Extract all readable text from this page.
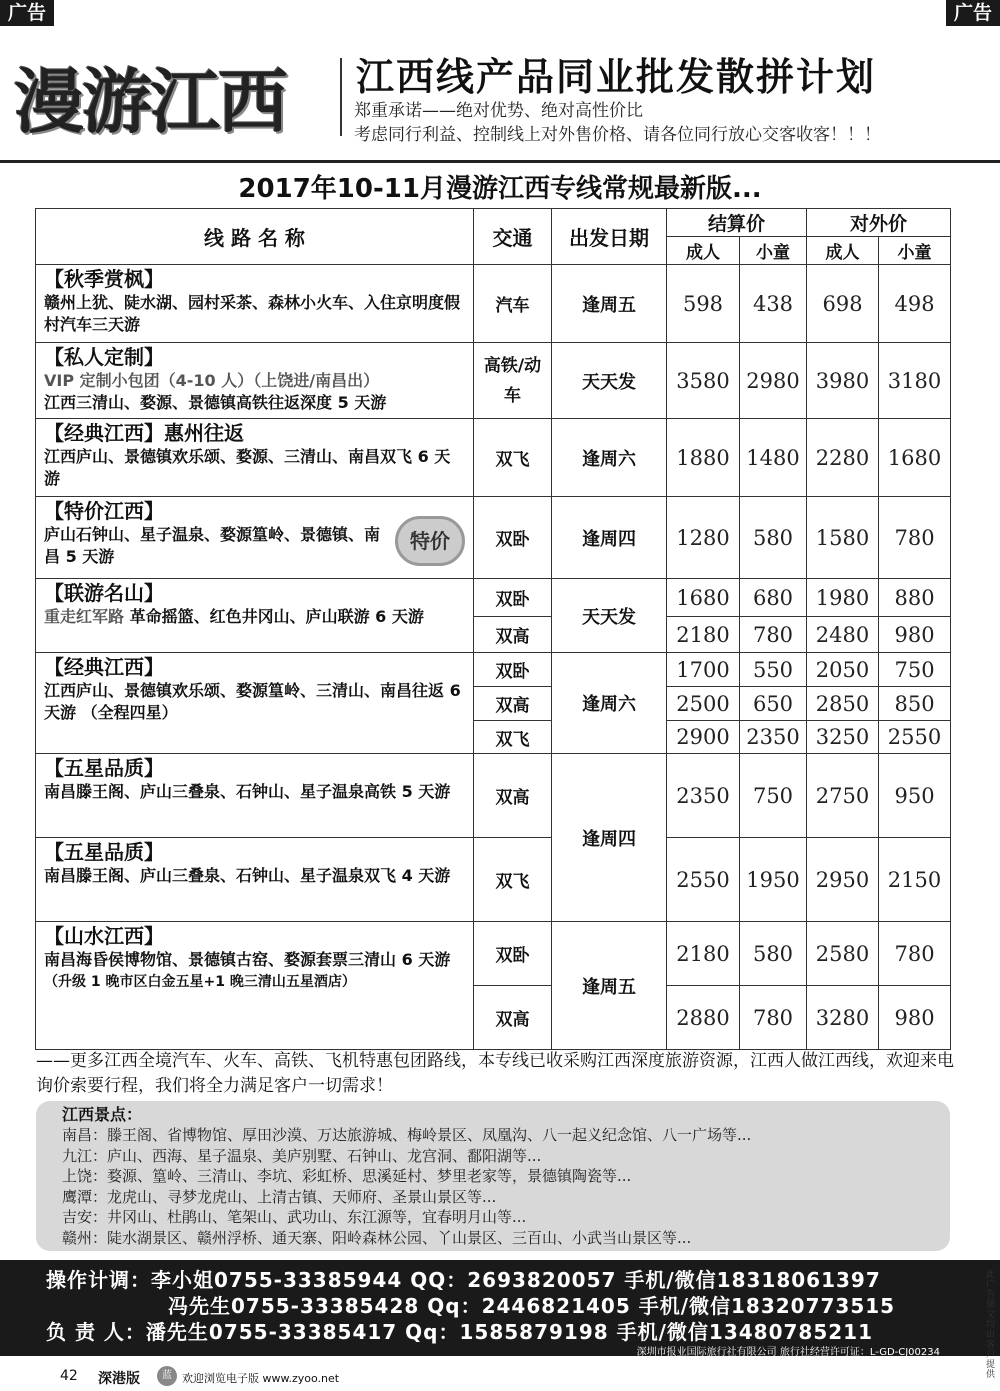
广告	广告
漫游江西 江西线产品同业批发散拼计划
郑重承诺——绝对优势、绝对高性价比
考虑同行利益、控制线上对外售价格、请各位同行放心交客收客！！！
2017年10-11月漫游江西专线常规最新版...
线 路 名 称	交通	出发日期	结算价		对外价	
			成人	小童	成人	小童

【秋季赏枫】
赣州上犹、陡水湖、园村采茶、森林小火车、入住京明度假村汽车三天游	汽车	逢周五	598	438	698	498

【私人定制】
VIP 定制小包团（4-10 人）（上饶进/南昌出）
江西三清山、婺源、景德镇高铁往返深度 5 天游	高铁/动车	天天发	3580	2980	3980	3180

【经典江西】惠州往返
江西庐山、景德镇欢乐颂、婺源、三清山、南昌双飞 6 天游	双飞	逢周六	1880	1480	2280	1680

【特价江西】
特价
庐山石钟山、星子温泉、婺源篁岭、景德镇、南昌 5 天游	双卧	逢周四	1280	580	1580	780

【联游名山】
重走红军路 革命摇篮、红色井冈山、庐山联游 6 天游	双卧	天天发	1680	680	1980	880
	双高		2180	780	2480	980

【经典江西】
江西庐山、景德镇欢乐颂、婺源篁岭、三清山、南昌往返 6 天游 （全程四星）	双卧	逢周六	1700	550	2050	750
	双高		2500	650	2850	850
	双飞		2900	2350	3250	2550

【五星品质】
南昌滕王阁、庐山三叠泉、石钟山、星子温泉高铁 5 天游	双高	逢周四	2350	750	2750	950

【五星品质】
南昌滕王阁、庐山三叠泉、石钟山、星子温泉双飞 4 天游	双飞		2550	1950	2950	2150

【山水江西】
南昌海昏侯博物馆、景德镇古窑、婺源套票三清山 6 天游
（升级 1 晚市区白金五星+1 晚三清山五星酒店）	双卧	逢周五	2180	580	2580	780
	双高		2880	780	3280	980
——更多江西全境汽车、火车、高铁、飞机特惠包团路线，本专线已收采购江西深度旅游资源，江西人做江西线，欢迎来电询价索要行程，我们将全力满足客户一切需求！
江西景点：
南昌：滕王阁、省博物馆、厚田沙漠、万达旅游城、梅岭景区、凤凰沟、八一起义纪念馆、八一广场等...
九江：庐山、西海、星子温泉、美庐别墅、石钟山、龙宫洞、鄱阳湖等...
上饶：婺源、篁岭、三清山、李坑、彩虹桥、思溪延村、梦里老家等，景德镇陶瓷等...
鹰潭：龙虎山、寻梦龙虎山、上清古镇、天师府、圣景山景区等...
吉安：井冈山、杜鹃山、笔架山、武功山、东江源等，宜春明月山等...
赣州：陡水湖景区、赣州浮桥、通天寨、阳岭森林公园、丫山景区、三百山、小武当山景区等...
操作计调：李小姐0755-33385944 QQ：2693820057 手机/微信18318061397
冯先生0755-33385428 Qq：2446821405 手机/微信18320773515
负 责 人：潘先生0755-33385417 Qq：1585879198 手机/微信13480785211
深圳市报业国际旅行社有限公司 旅行社经营许可证：L-GD-CJ00234
此广告图文均由客户提供
42 深港版	蓝 欢迎浏览电子版 www.zyoo.net
